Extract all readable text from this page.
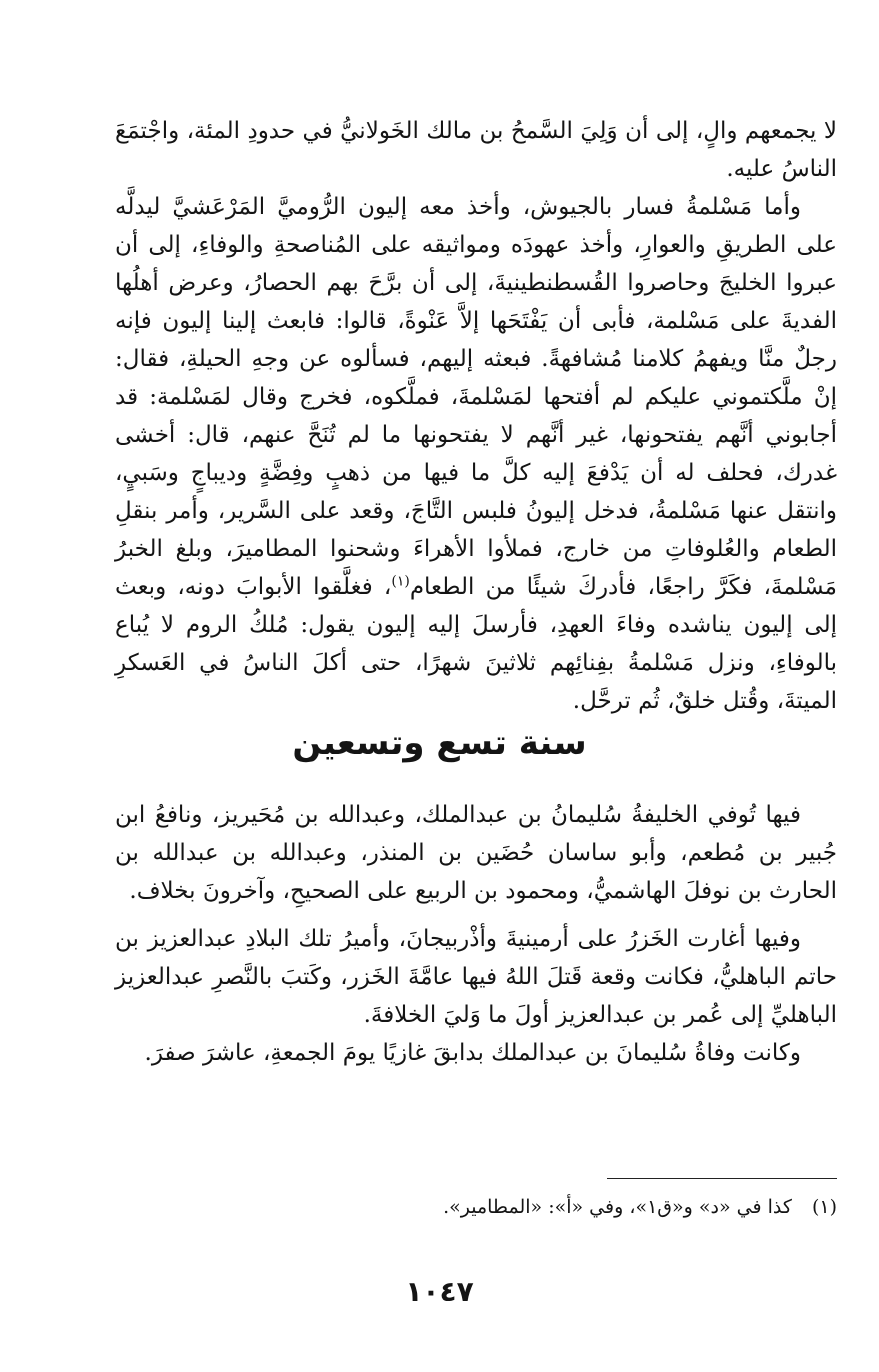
لا يجمعهم والٍ، إلى أن وَلِيَ السَّمحُ بن مالك الخَولانيُّ في حدودِ المئة، واجْتمَعَ الناسُ عليه.

وأما مَسْلمةُ فسار بالجيوش، وأخذ معه إليون الرُّوميَّ المَرْعَشيَّ ليدلَّه على الطريقِ والعوارِ، وأخذ عهودَه ومواثيقه على المُناصحةِ والوفاءِ، إلى أن عبروا الخليجَ وحاصروا القُسطنطينيةَ، إلى أن برَّحَ بهم الحصارُ، وعرض أهلُها الفديةَ على مَسْلمة، فأبى أن يَفْتَحَها إلاَّ عَنْوةً، قالوا: فابعث إلينا إليون فإنه رجلٌ منَّا ويفهمُ كلامنا مُشافهةً. فبعثه إليهم، فسألوه عن وجهِ الحيلةِ، فقال: إنْ ملَّكتموني عليكم لم أفتحها لمَسْلمةَ، فملَّكوه، فخرج وقال لمَسْلمة: قد أجابوني أنَّهم يفتحونها، غير أنَّهم لا يفتحونها ما لم تُنَحَّ عنهم، قال: أخشى غدرك، فحلف له أن يَدْفعَ إليه كلَّ ما فيها من ذهبٍ وفِضَّةٍ وديباجٍ وسَبيٍ، وانتقل عنها مَسْلمةُ، فدخل إليونُ فلبس التَّاجَ، وقعد على السَّرير، وأمر بنقلِ الطعام والعُلوفاتِ من خارج، فملأوا الأهراءَ وشحنوا المطاميرَ، وبلغ الخبرُ مَسْلمةَ، فكَرَّ راجعًا، فأدركَ شيئًا من الطعام$^{(١)}$، فغلَّقوا الأبوابَ دونه، وبعث إلى إليون يناشده وفاءَ العهدِ، فأرسلَ إليه إليون يقول: مُلكُ الروم لا يُباع بالوفاءِ، ونزل مَسْلمةُ بفِنائِهم ثلاثينَ شهرًا، حتى أكلَ الناسُ في العَسكرِ الميتةَ، وقُتل خلقٌ، ثُم ترحَّل.

سنة تسع وتسعين

فيها تُوفي الخليفةُ سُليمانُ بن عبدالملك، وعبدالله بن مُحَيريز، ونافعُ ابن جُبير بن مُطعم، وأبو ساسان حُضَين بن المنذر، وعبدالله بن عبدالله بن الحارث بن نوفلَ الهاشميُّ، ومحمود بن الربيع على الصحيحِ، وآخرونَ بخلاف.

وفيها أغارت الخَزرُ على أرمينيةَ وأذْربيجانَ، وأميرُ تلك البلادِ عبدالعزيز بن حاتم الباهليُّ، فكانت وقعة قَتلَ اللهُ فيها عامَّةَ الخَزر، وكَتبَ بالنَّصرِ عبدالعزيز الباهليِّ إلى عُمر بن عبدالعزيز أولَ ما وَليَ الخلافةَ.

وكانت وفاةُ سُليمانَ بن عبدالملك بدابقَ غازيًا يومَ الجمعةِ، عاشرَ صفرَ.

(١) كذا في «د» و«ق١»، وفي «أ»: «المطامير».
١٠٤٧
